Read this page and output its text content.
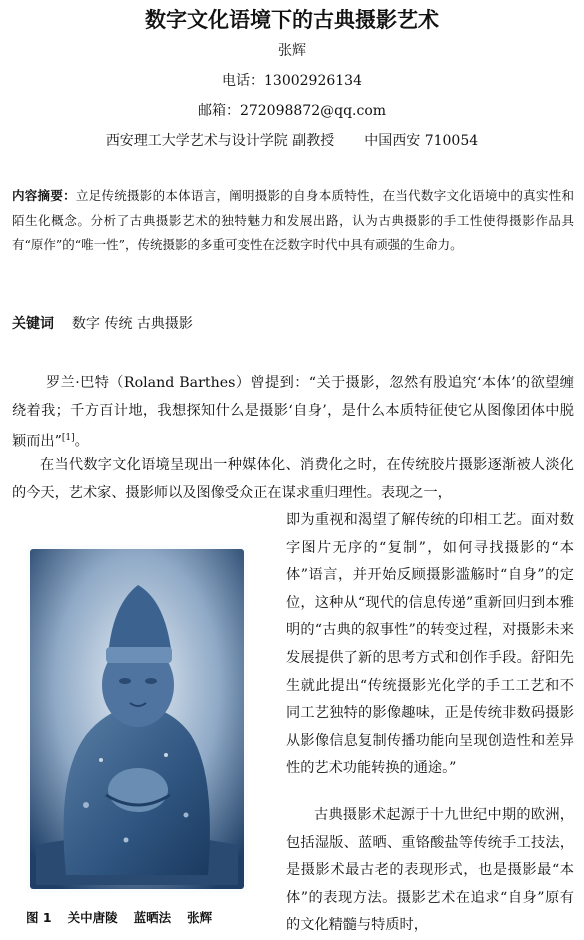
数字文化语境下的古典摄影艺术
张辉
电话：13002926134
邮箱：272098872@qq.com
西安理工大学艺术与设计学院 副教授 中国西安 710054
内容摘要：立足传统摄影的本体语言，阐明摄影的自身本质特性，在当代数字文化语境中的真实性和陌生化概念。分析了古典摄影艺术的独特魅力和发展出路，认为古典摄影的手工性使得摄影作品具有“原作”的“唯一性”，传统摄影的多重可变性在泛数字时代中具有顽强的生命力。
关键词 数字 传统 古典摄影
罗兰·巴特（Roland Barthes）曾提到：“关于摄影，忽然有股追究‘本体’的欲望缠绕着我；千方百计地，我想探知什么是摄影‘自身’，是什么本质特征使它从图像团体中脱颖而出”[1]。
在当代数字文化语境呈现出一种媒体化、消费化之时，在传统胶片摄影逐渐被人淡化的今天，艺术家、摄影师以及图像受众正在谋求重归理性。表现之一，
即为重视和渴望了解传统的印相工艺。面对数字图片无序的“复制”，如何寻找摄影的“本体”语言，并开始反顾摄影滥觞时“自身”的定位，这种从“现代的信息传递”重新回归到本雅明的“古典的叙事性”的转变过程，对摄影未来发展提供了新的思考方式和创作手段。舒阳先生就此提出“传统摄影光化学的手工工艺和不同工艺独特的影像趣味，正是传统非数码摄影从影像信息复制传播功能向呈现创造性和差异性的艺术功能转换的通途。”
古典摄影术起源于十九世纪中期的欧洲，包括湿版、蓝晒、重铬酸盐等传统手工技法，是摄影术最古老的表现形式，也是摄影最“本体”的表现方法。摄影艺术在追求“自身”原有的文化精髓与特质时，
图 1 关中唐陵 蓝晒法 张辉
